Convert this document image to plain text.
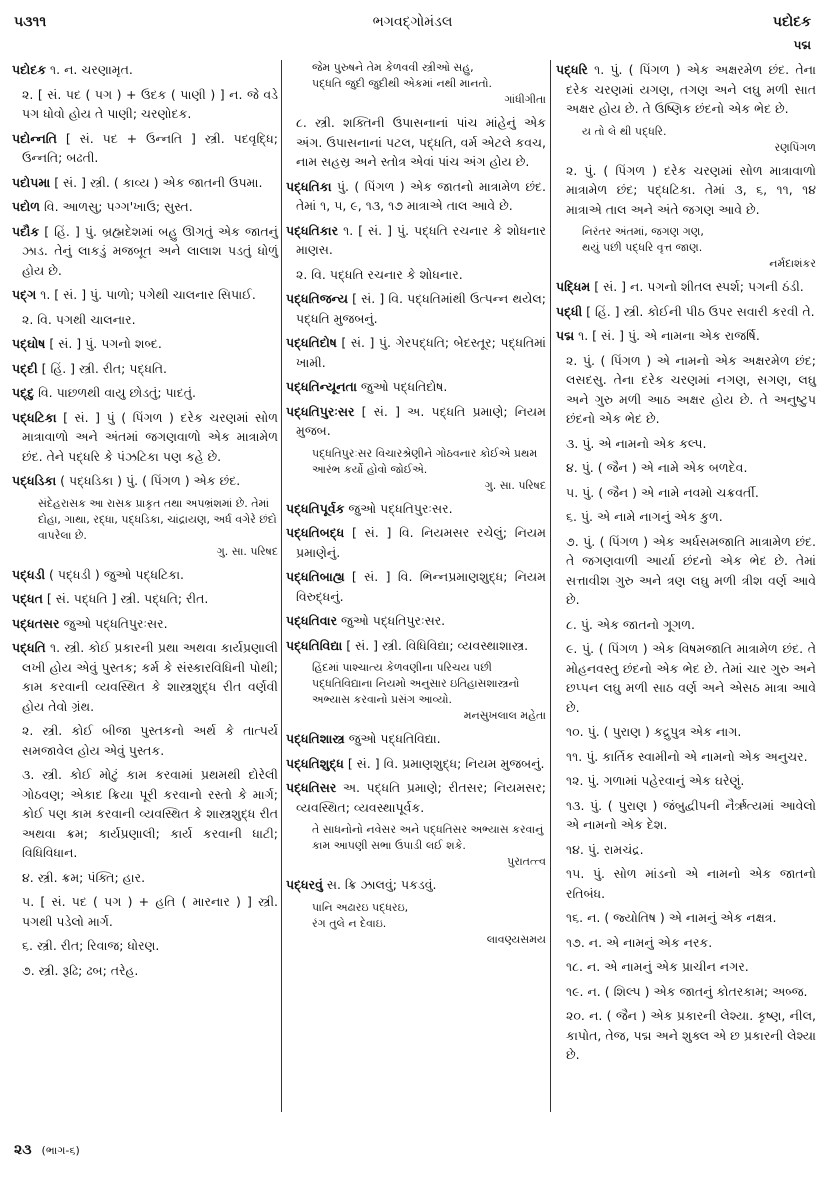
૫૩૧૧	ભગવદ્ગોમંડલ	પદોદક
પદ્મ
પદોદક ૧. ન. ચરણામૃત.
૨. [ સં. પદ ( પગ ) + ઉદક ( પાણી ) ] ન. જે વડે પગ ધોવો હોય તે પાણી; ચરણોદક.
પદોન્નતિ [ સં. પદ + ઉન્નતિ ] સ્ત્રી. પદવૃદ્ધિ; ઉન્નતિ; બઢતી.
પદોપમા [ સં. ] સ્ત્રી. ( કાવ્ય ) એક જાતની ઉપમા.
પદોળ વિ. આળસુ; પગ્ગ'ખાઉ; સુસ્ત.
પદૌક [ હિં. ] પું. બ્રહ્મદેશમાં બહુ ઊગતું એક જાતનું ઝાડ. તેનું લાકડું મજબૂત અને લાલાશ પડતું ધોળું હોય છે.
પદ્ગ ૧. [ સં. ] પું. પાળો; પગેથી ચાલનાર સિપાઈ.
૨. વિ. પગથી ચાલનાર.
પદ્ઘોષ [ સં. ] પું. પગનો શબ્દ.
પદ્દી [ હિં. ] સ્ત્રી. રીત; પદ્ધતિ.
પદ્દુ વિ. પાછળથી વાયુ છોડતું; પાદતું.
પદ્ધટિકા [ સં. ] પું ( પિંગળ ) દરેક ચરણમાં સોળ માત્રાવાળો અને અંતમાં જગણવાળો એક માત્રામેળ છંદ. તેને પદ્ધરિ કે પંઝટિકા પણ કહે છે.
પદ્ધડિકા ( પદ્ધડિકા ) પું. ( પિંગળ ) એક છંદ.
સંદેહરાસક આ રાસક પ્રાકૃત તથા અપભ્રંશમાં છે. તેમાં દોહા, ગાથા, રદ્ધા, પદ્ધડિકા, ચાંદ્રાયણ, અર્ધ વગેરે છંદો વાપરેલા છે.
ગુ. સા. પરિષદ
પદ્ધડી ( પદ્ધડી ) જુઓ પદ્ધટિકા.
પદ્ધત [ સં. પદ્ધતિ ] સ્ત્રી. પદ્ધતિ; રીત.
પદ્ધતસર જુઓ પદ્ધતિપુરઃસર.
પદ્ધતિ ૧. સ્ત્રી. કોઈ પ્રકારની પ્રથા અથવા કાર્યપ્રણાલી લખી હોય એવું પુસ્તક; કર્મ કે સંસ્કારવિધિની પોથી; કામ કરવાની વ્યવસ્થિત કે શાસ્ત્રશુદ્ધ રીત વર્ણવી હોય તેવો ગ્રંથ.
૨. સ્ત્રી. કોઈ બીજા પુસ્તકનો અર્થ કે તાત્પર્ય સમજાવેલ હોય એવું પુસ્તક.
૩. સ્ત્રી. કોઈ મોટું કામ કરવામાં પ્રથમથી દોરેલી ગોઠવણ; એકાદ ક્રિયા પૂરી કરવાનો રસ્તો કે માર્ગ; કોઈ પણ કામ કરવાની વ્યવસ્થિત કે શાસ્ત્રશુદ્ધ રીત અથવા ક્રમ; કાર્યપ્રણાલી; કાર્ય કરવાની ધાટી; વિધિવિધાન.
૪. સ્ત્રી. ક્રમ; પંક્તિ; હાર.
૫. [ સં. પદ ( પગ ) + હતિ ( મારનાર ) ] સ્ત્રી. પગથી પડેલો માર્ગ.
૬. સ્ત્રી. રીત; રિવાજ; ધોરણ.
૭. સ્ત્રી. રૂઢિ; ઢબ; તરેહ.
જેમ પુરુષને તેમ કેળવવી સ્ત્રીઓ સહુ,
પદ્ધતિ જુદી જુદીથી એકમાં નથી માનતો.
ગાંધીગીતા
૮. સ્ત્રી. શક્તિની ઉપાસનાનાં પાંચ માંહેનું એક અંગ. ઉપાસનાનાં પટલ, પદ્ધતિ, વર્મ એટલે કવચ, નામ સહસ્ર અને સ્તોત્ર એવાં પાંચ અંગ હોય છે.
પદ્ધતિકા પું. ( પિંગળ ) એક જાતનો માત્રામેળ છંદ. તેમાં ૧, ૫, ૯, ૧૩, ૧૭ માત્રાએ તાલ આવે છે.
પદ્ધતિકાર ૧. [ સં. ] પું. પદ્ધતિ રચનાર કે શોધનાર માણસ.
૨. વિ. પદ્ધતિ રચનાર કે શોધનાર.
પદ્ધતિજન્ય [ સં. ] વિ. પદ્ધતિમાંથી ઉત્પન્ન થયેલ; પદ્ધતિ મુજબનું.
પદ્ધતિદોષ [ સં. ] પું. ગેરપદ્ધતિ; બેદસ્તૂર; પદ્ધતિમાં ખામી.
પદ્ધતિન્યૂનતા જુઓ પદ્ધતિદોષ.
પદ્ધતિપુરઃસર [ સં. ] અ. પદ્ધતિ પ્રમાણે; નિયમ મુજબ.
પદ્ધતિપુરઃસર વિચારશ્રેણીને ગોઠવનાર કોઈએ પ્રથમ આરંભ કર્યો હોવો જોઈએ.
ગુ. સા. પરિષદ
પદ્ધતિપૂર્વક જુઓ પદ્ધતિપુરઃસર.
પદ્ધતિબદ્ધ [ સં. ] વિ. નિયમસર રચેલું; નિયમ પ્રમાણેનું.
પદ્ધતિબાહ્ય [ સં. ] વિ. ભિન્નપ્રમાણશુદ્ધ; નિયમ વિરુદ્ધનું.
પદ્ધતિવાર જુઓ પદ્ધતિપુરઃસર.
પદ્ધતિવિદ્યા [ સં. ] સ્ત્રી. વિધિવિદ્યા; વ્યવસ્થાશાસ્ત્ર.
હિંદમાં પાશ્ચાત્ય કેળવણીના પરિચય પછી પદ્ધતિવિદ્યાના નિયમો અનુસાર ઇતિહાસશાસ્ત્રનો અભ્યાસ કરવાનો પ્રસંગ આવ્યો.
મનસુખલાલ મહેતા
પદ્ધતિશાસ્ત્ર જુઓ પદ્ધતિવિદ્યા.
પદ્ધતિશુદ્ધ [ સં. ] વિ. પ્રમાણશુદ્ધ; નિયમ મુજબનું.
પદ્ધતિસર અ. પદ્ધતિ પ્રમાણે; રીતસર; નિયમસર; વ્યવસ્થિત; વ્યવસ્થાપૂર્વક.
તે સાધનોનો નવેસર અને પદ્ધતિસર અભ્યાસ કરવાનું કામ આપણી સભા ઉપાડી લઈ શકે.
પુરાતત્ત્વ
પદ્ધરવું સ. ક્રિ ઝાલવું; પકડવું.
પાનિ અઢારઇ પદ્ધરઇ,
રંગ તુલે ન દેવાઇ.
લાવણ્યસમય
પદ્ધરિ ૧. પું. ( પિંગળ ) એક અક્ષરમેળ છંદ. તેના દરેક ચરણમાં યગણ, તગણ અને લઘુ મળી સાત અક્ષર હોય છે. તે ઉષ્ણિક છંદનો એક ભેદ છે.
ય તો લે થી પદ્ધરિ.
રણપિંગળ
૨. પું. ( પિંગળ ) દરેક ચરણમાં સોળ માત્રાવાળો માત્રામેળ છંદ; પદ્ધટિકા. તેમાં ૩, ૬, ૧૧, ૧૪ માત્રાએ તાલ અને અંતે જગણ આવે છે.
નિરંતર અંતમાં, જગણ ગણ,
થયું પછી પદ્ધરિ વૃત્ત જાણ.
નર્મદાશંકર
પદ્ધિમ [ સં. ] ન. પગનો શીતલ સ્પર્શ; પગની ઠંડી.
પદ્ધી [ હિં. ] સ્ત્રી. કોઈની પીઠ ઉપર સવારી કરવી તે.
પદ્મ ૧. [ સં. ] પું. એ નામના એક રાજર્ષિ.
૨. પું. ( પિંગળ ) એ નામનો એક અક્ષરમેળ છંદ; લસદસુ. તેના દરેક ચરણમાં નગણ, સગણ, લઘુ અને ગુરુ મળી આઠ અક્ષર હોય છે. તે અનુષ્ટુપ છંદનો એક ભેદ છે.
૩. પું. એ નામનો એક કલ્પ.
૪. પું. ( જૈન ) એ નામે એક બળદેવ.
૫. પું. ( જૈન ) એ નામે નવમો ચક્રવર્તી.
૬. પું. એ નામે નાગનું એક કુળ.
૭. પું. ( પિંગળ ) એક અર્ધસમજાતિ માત્રામેળ છંદ. તે જગણવાળી આર્યા છંદનો એક ભેદ છે. તેમાં સત્તાવીશ ગુરુ અને ત્રણ લઘુ મળી ત્રીશ વર્ણ આવે છે.
૮. પું. એક જાતનો ગૂગળ.
૯. પું. ( પિંગળ ) એક વિષમજાતિ માત્રામેળ છંદ. તે મોહનવસ્તુ છંદનો એક ભેદ છે. તેમાં ચાર ગુરુ અને છપ્પન લઘુ મળી સાઠ વર્ણ અને એસઠ માત્રા આવે છે.
૧૦. પું. ( પુરાણ ) કદ્રુપુત્ર એક નાગ.
૧૧. પું. કાર્તિક સ્વામીનો એ નામનો એક અનુચર.
૧૨. પું. ગળામાં પહેરવાનું એક ઘરેણું.
૧૩. પું. ( પુરાણ ) જંબુદ્વીપની નૈર્ઋત્યમાં આવેલો એ નામનો એક દેશ.
૧૪. પું. રામચંદ્ર.
૧૫. પું. સોળ માંડનો એ નામનો એક જાતનો રતિબંધ.
૧૬. ન. ( જ્યોતિષ ) એ નામનું એક નક્ષત્ર.
૧૭. ન. એ નામનું એક નરક.
૧૮. ન. એ નામનું એક પ્રાચીન નગર.
૧૯. ન. ( શિલ્પ ) એક જાતનું કોતરકામ; અબ્જ.
૨૦. ન. ( જૈન ) એક પ્રકારની લેશ્યા. કૃષ્ણ, નીલ, કાપોત, તેજ, પદ્મ અને શુક્લ એ છ પ્રકારની લેશ્યા છે.
૨૩ (ભાગ-૬)
